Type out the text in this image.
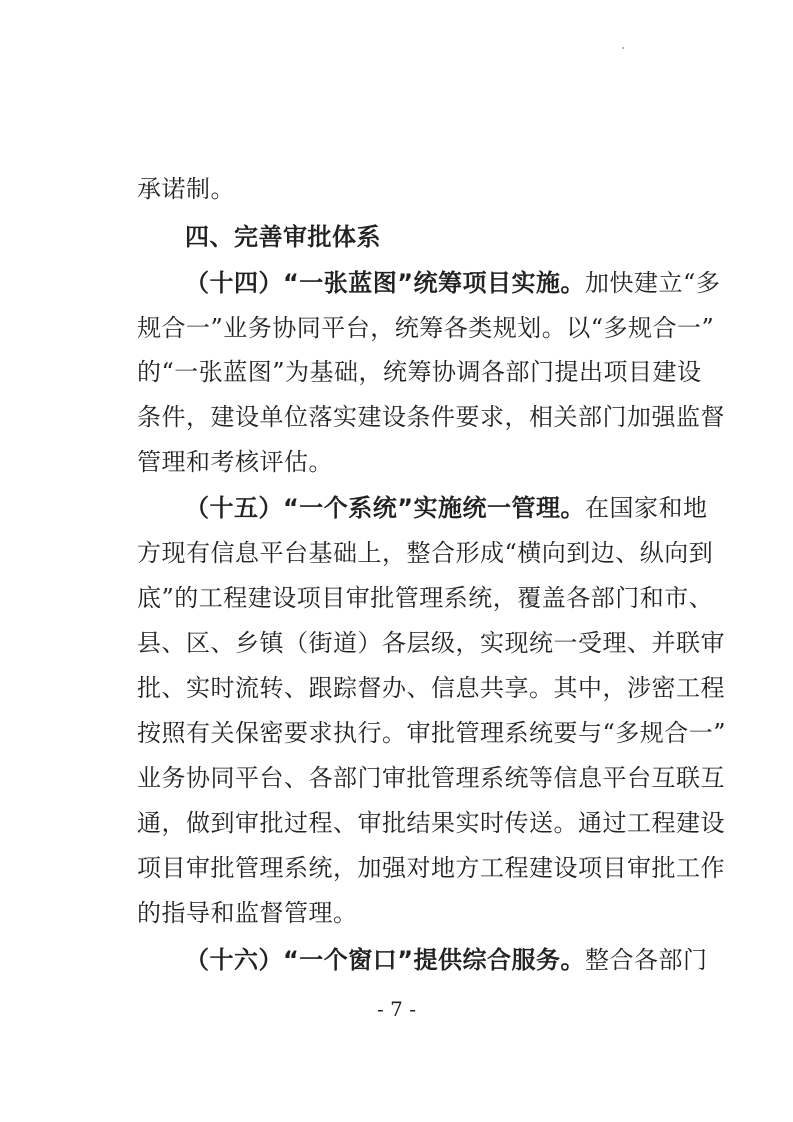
承诺制。
四、完善审批体系
（十四）“一张蓝图”统筹项目实施。加快建立“多
规合一”业务协同平台，统筹各类规划。以“多规合一”
的“一张蓝图”为基础，统筹协调各部门提出项目建设
条件，建设单位落实建设条件要求，相关部门加强监督
管理和考核评估。
（十五）“一个系统”实施统一管理。在国家和地
方现有信息平台基础上，整合形成“横向到边、纵向到
底”的工程建设项目审批管理系统，覆盖各部门和市、
县、区、乡镇（街道）各层级，实现统一受理、并联审
批、实时流转、跟踪督办、信息共享。其中，涉密工程
按照有关保密要求执行。审批管理系统要与“多规合一”
业务协同平台、各部门审批管理系统等信息平台互联互
通，做到审批过程、审批结果实时传送。通过工程建设
项目审批管理系统，加强对地方工程建设项目审批工作
的指导和监督管理。
（十六）“一个窗口”提供综合服务。整合各部门
- 7 -
